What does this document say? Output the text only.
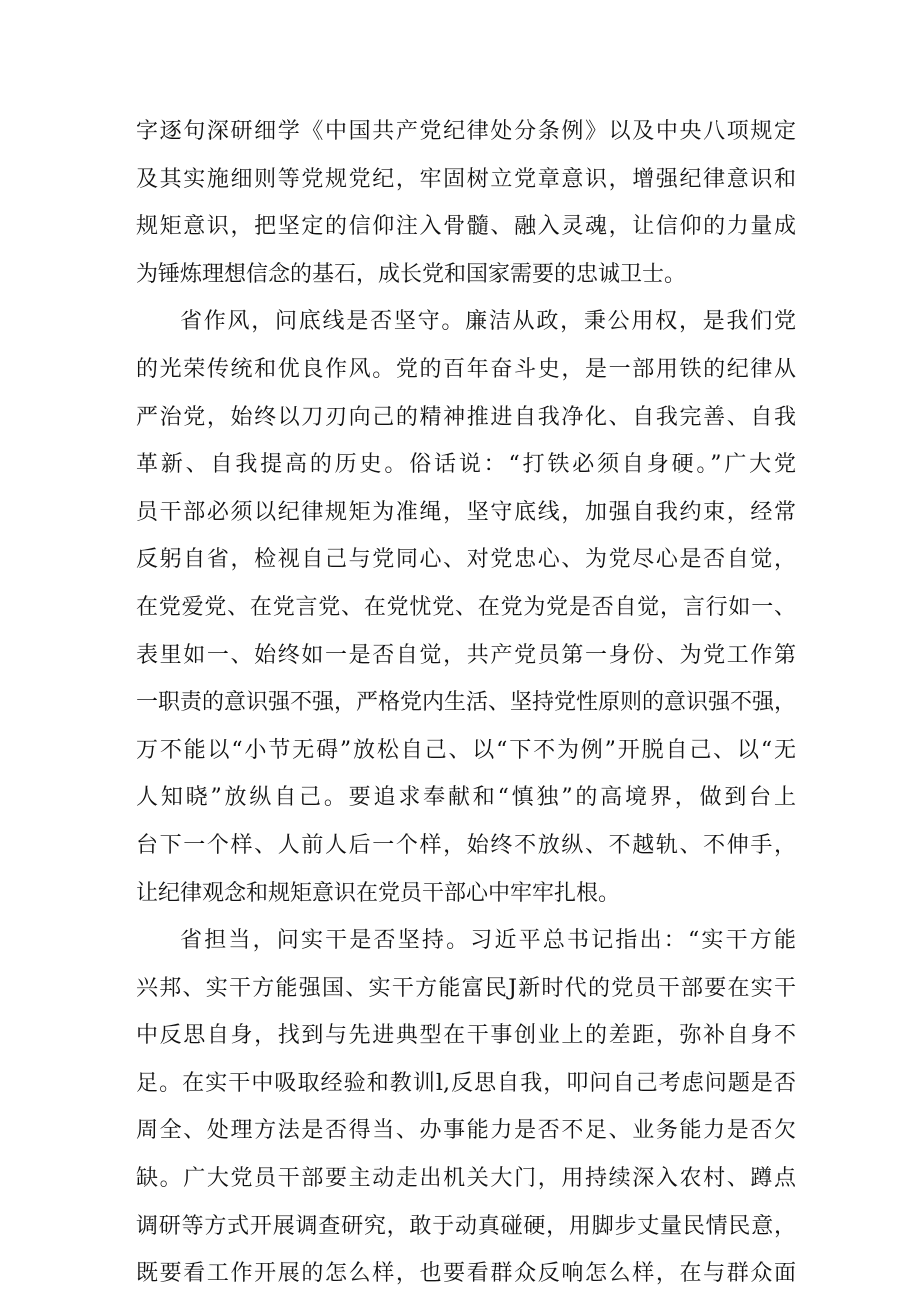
字逐句深研细学《中国共产党纪律处分条例》以及中央八项规定
及其实施细则等党规党纪，牢固树立党章意识，增强纪律意识和
规矩意识，把坚定的信仰注入骨髓、融入灵魂，让信仰的力量成
为锤炼理想信念的基石，成长党和国家需要的忠诚卫士。
省作风，问底线是否坚守。廉洁从政，秉公用权，是我们党
的光荣传统和优良作风。党的百年奋斗史，是一部用铁的纪律从
严治党，始终以刀刃向己的精神推进自我净化、自我完善、自我
革新、自我提高的历史。俗话说：“打铁必须自身硬。”广大党
员干部必须以纪律规矩为准绳，坚守底线，加强自我约束，经常
反躬自省，检视自己与党同心、对党忠心、为党尽心是否自觉，
在党爱党、在党言党、在党忧党、在党为党是否自觉，言行如一、
表里如一、始终如一是否自觉，共产党员第一身份、为党工作第
一职责的意识强不强，严格党内生活、坚持党性原则的意识强不强，
万不能以“小节无碍”放松自己、以“下不为例”开脱自己、以“无
人知晓”放纵自己。要追求奉献和“慎独”的高境界，做到台上
台下一个样、人前人后一个样，始终不放纵、不越轨、不伸手，
让纪律观念和规矩意识在党员干部心中牢牢扎根。
省担当，问实干是否坚持。习近平总书记指出：“实干方能
兴邦、实干方能强国、实干方能富民J新时代的党员干部要在实干
中反思自身，找到与先进典型在干事创业上的差距，弥补自身不
足。在实干中吸取经验和教训l,反思自我，叩问自己考虑问题是否
周全、处理方法是否得当、办事能力是否不足、业务能力是否欠
缺。广大党员干部要主动走出机关大门，用持续深入农村、蹲点
调研等方式开展调查研究，敢于动真碰硬，用脚步丈量民情民意，
既要看工作开展的怎么样，也要看群众反响怎么样，在与群众面
